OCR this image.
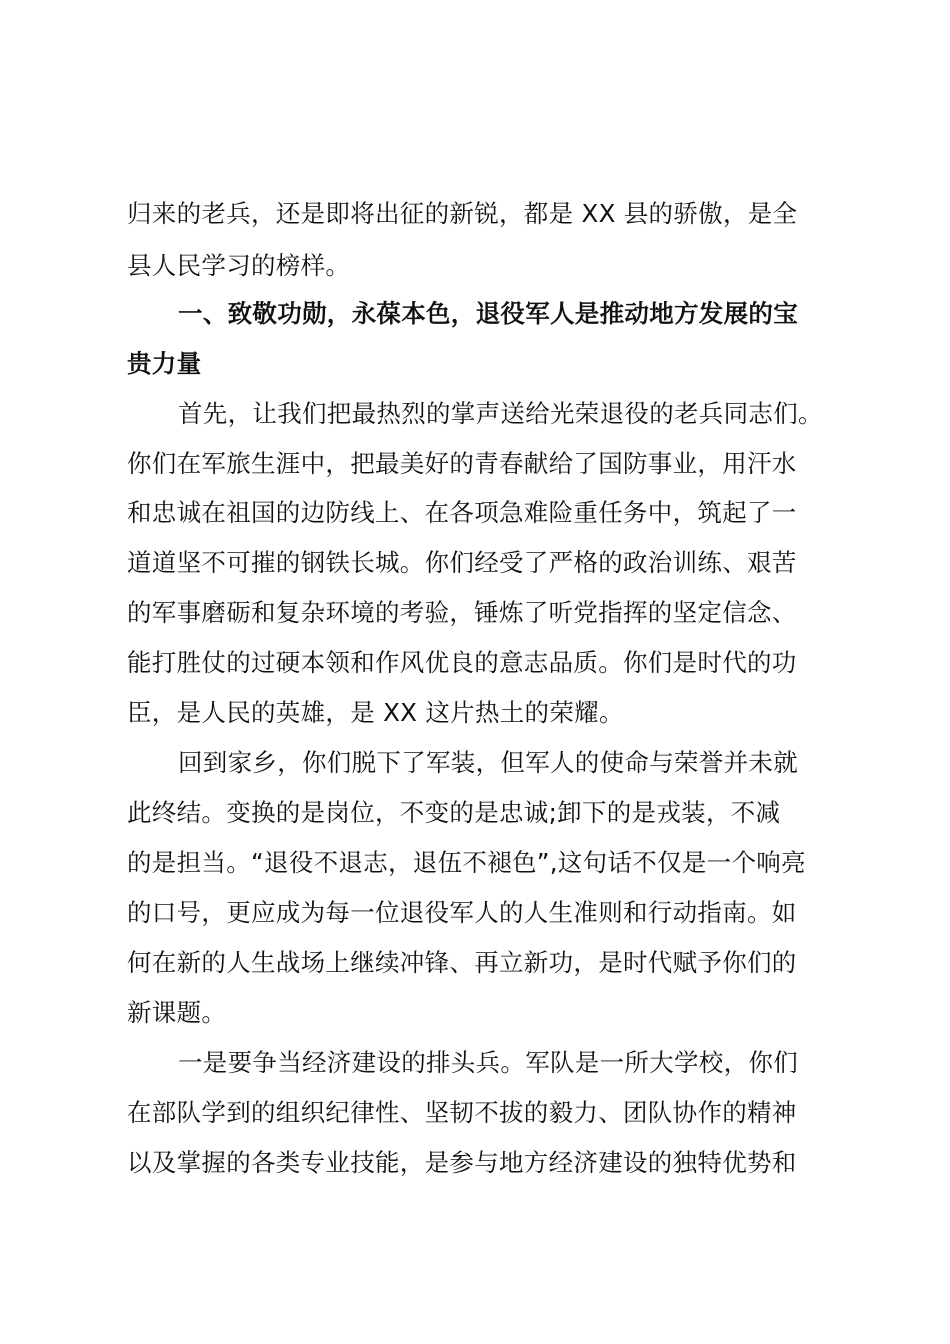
归来的老兵，还是即将出征的新锐，都是 XX 县的骄傲，是全
县人民学习的榜样。
一、致敬功勋，永葆本色，退役军人是推动地方发展的宝
贵力量
首先，让我们把最热烈的掌声送给光荣退役的老兵同志们。
你们在军旅生涯中，把最美好的青春献给了国防事业，用汗水
和忠诚在祖国的边防线上、在各项急难险重任务中，筑起了一
道道坚不可摧的钢铁长城。你们经受了严格的政治训练、艰苦
的军事磨砺和复杂环境的考验，锤炼了听党指挥的坚定信念、
能打胜仗的过硬本领和作风优良的意志品质。你们是时代的功
臣，是人民的英雄，是 XX 这片热土的荣耀。
回到家乡，你们脱下了军装，但军人的使命与荣誉并未就
此终结。变换的是岗位，不变的是忠诚;卸下的是戎装，不减
的是担当。“退役不退志，退伍不褪色”,这句话不仅是一个响亮
的口号，更应成为每一位退役军人的人生准则和行动指南。如
何在新的人生战场上继续冲锋、再立新功，是时代赋予你们的
新课题。
一是要争当经济建设的排头兵。军队是一所大学校，你们
在部队学到的组织纪律性、坚韧不拔的毅力、团队协作的精神
以及掌握的各类专业技能，是参与地方经济建设的独特优势和
